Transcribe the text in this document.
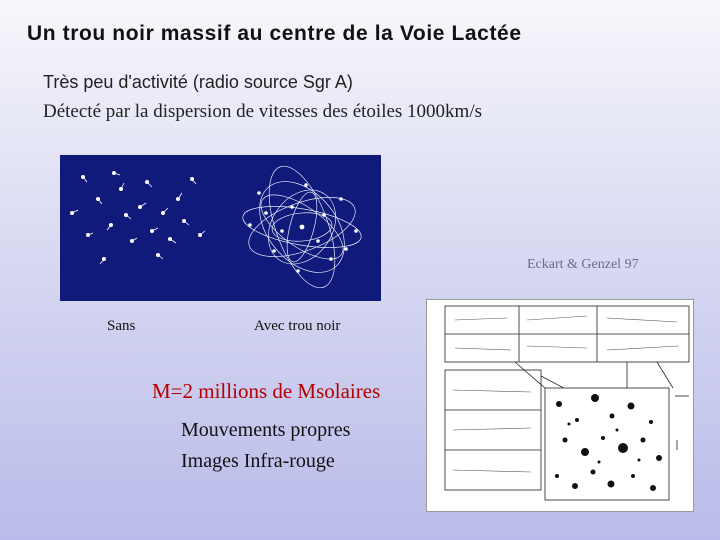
Un trou noir massif au centre de la Voie Lactée
Très peu d'activité (radio source Sgr A)
Détecté par la dispersion de vitesses des étoiles 1000km/s
Eckart & Genzel 97
Sans	Avec trou noir
M=2 millions de Msolaires
Mouvements propres
Images Infra-rouge
